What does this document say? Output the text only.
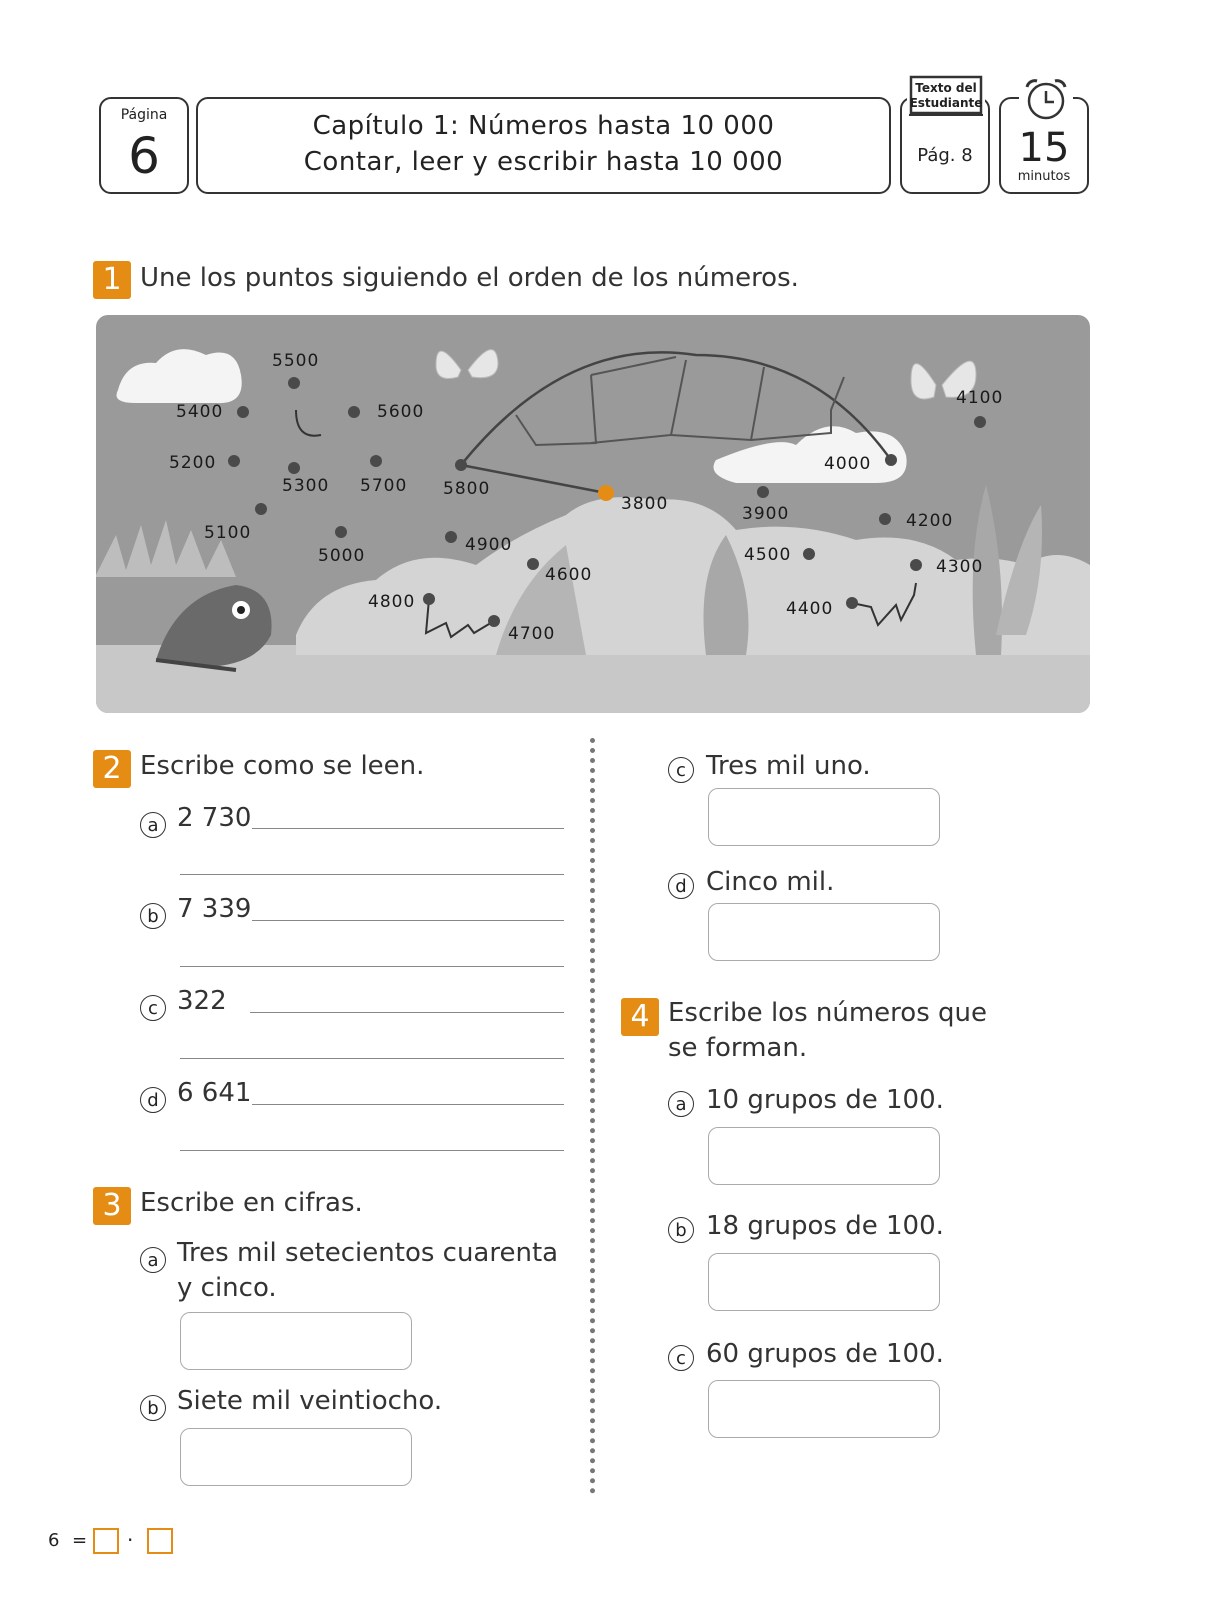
Página
6
Capítulo 1: Números hasta 10 000
Contar, leer y escribir hasta 10 000
Texto del
Estudiante
Pág. 8	15
minutos
1 Une los puntos siguiendo el orden de los números.
5500
5400	5600
5200
5300 5700 5800
3800
4000
4100
3900	4200
5100
5000
4900
4600
4500
4300
4800
4700
4400
2 Escribe como se leen.
a 2 730
b 7 339
c 322
d 6 641
3 Escribe en cifras.
a Tres mil setecientos cuarenta
y cinco.
b Siete mil veintiocho.
c Tres mil uno.
d Cinco mil.
4 Escribe los números que
se forman.
a 10 grupos de 100.
b 18 grupos de 100.
c 60 grupos de 100.
6 = ·
